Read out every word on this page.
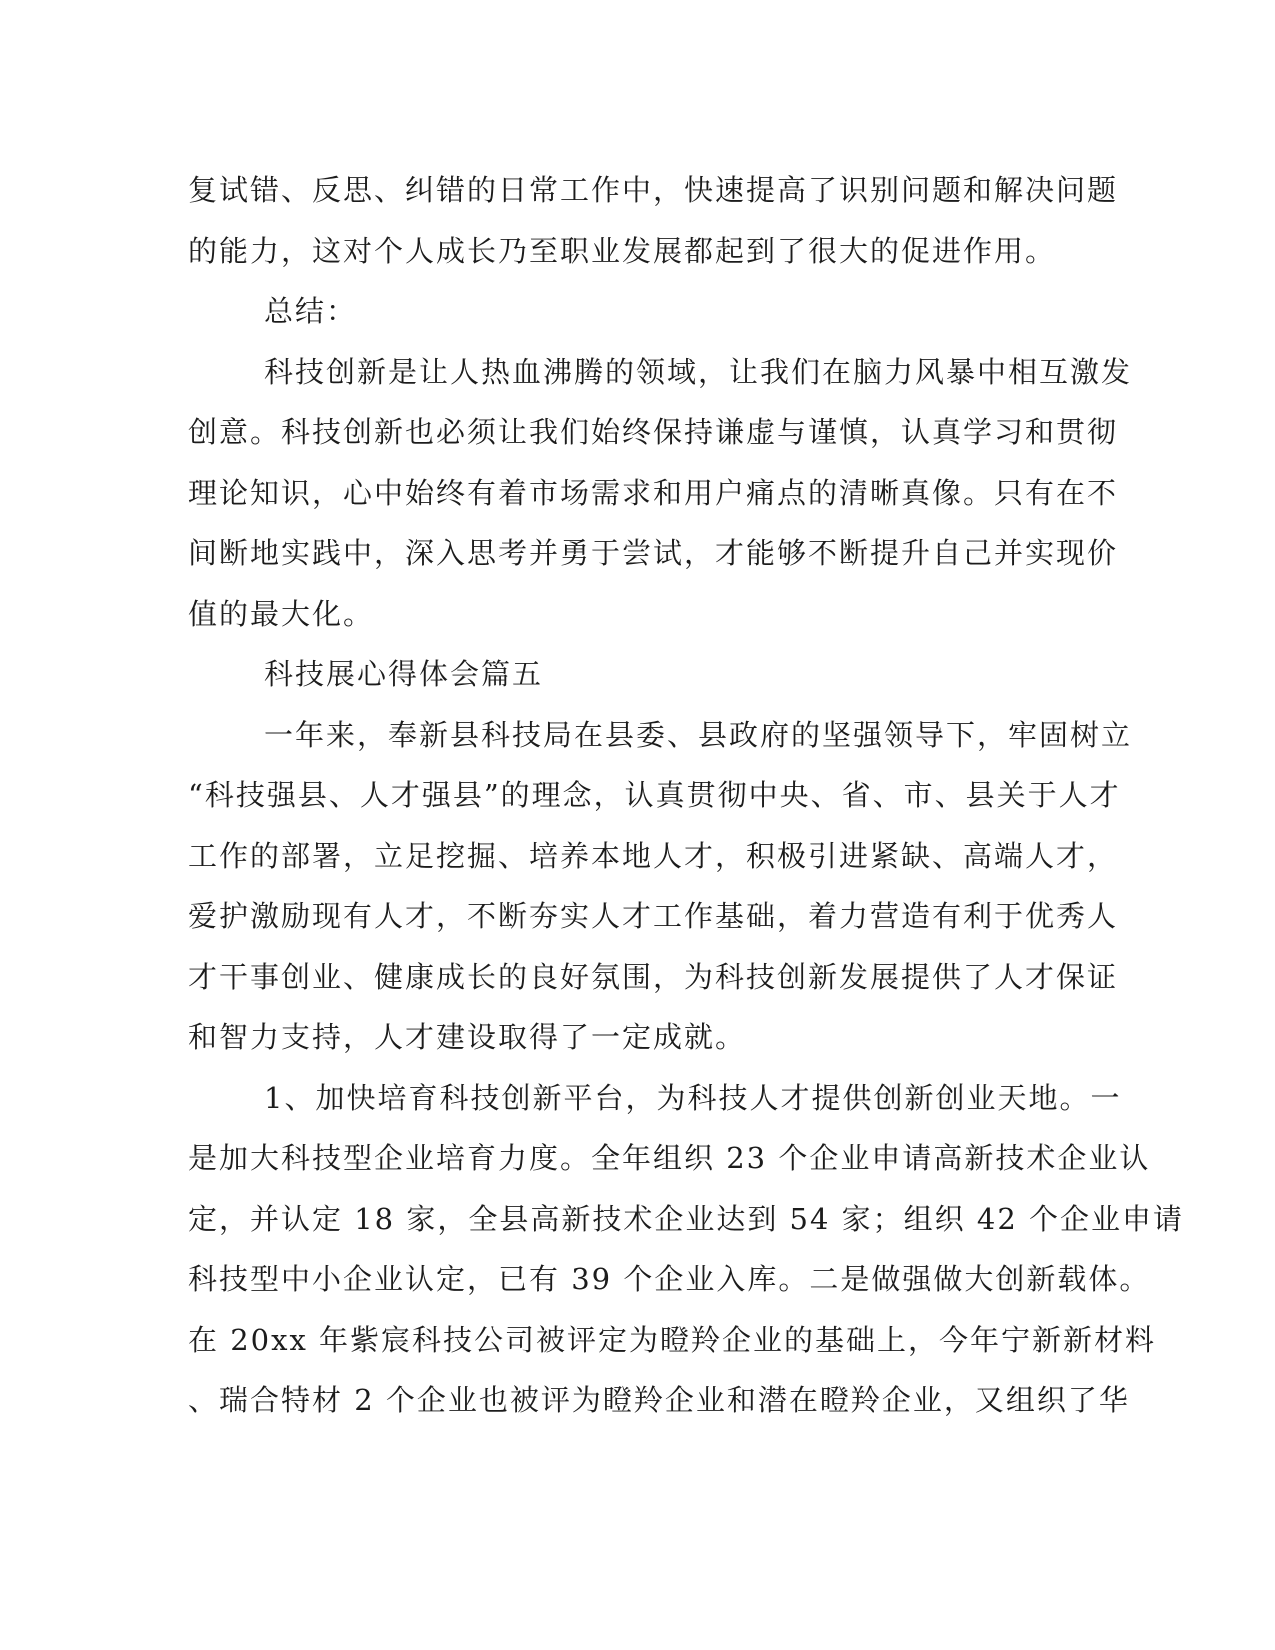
复试错、反思、纠错的日常工作中，快速提高了识别问题和解决问题
的能力，这对个人成长乃至职业发展都起到了很大的促进作用。
总结：
科技创新是让人热血沸腾的领域，让我们在脑力风暴中相互激发
创意。科技创新也必须让我们始终保持谦虚与谨慎，认真学习和贯彻
理论知识，心中始终有着市场需求和用户痛点的清晰真像。只有在不
间断地实践中，深入思考并勇于尝试，才能够不断提升自己并实现价
值的最大化。
科技展心得体会篇五
一年来，奉新县科技局在县委、县政府的坚强领导下，牢固树立
“科技强县、人才强县”的理念，认真贯彻中央、省、市、县关于人才
工作的部署，立足挖掘、培养本地人才，积极引进紧缺、高端人才，
爱护激励现有人才，不断夯实人才工作基础，着力营造有利于优秀人
才干事创业、健康成长的良好氛围，为科技创新发展提供了人才保证
和智力支持，人才建设取得了一定成就。
1、加快培育科技创新平台，为科技人才提供创新创业天地。一
是加大科技型企业培育力度。全年组织 23 个企业申请高新技术企业认
定，并认定 18 家，全县高新技术企业达到 54 家；组织 42 个企业申请
科技型中小企业认定，已有 39 个企业入库。二是做强做大创新载体。
在 20xx 年紫宸科技公司被评定为瞪羚企业的基础上，今年宁新新材料
、瑞合特材 2 个企业也被评为瞪羚企业和潜在瞪羚企业，又组织了华
